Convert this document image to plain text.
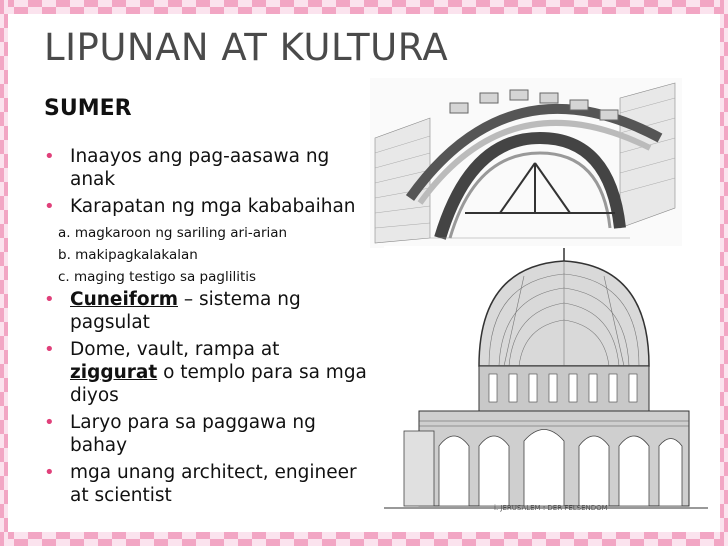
LIPUNAN AT KULTURA
SUMER
• Inaayos ang pag-aasawa ng anak
• Karapatan ng mga kababaihan
a. magkaroon ng sariling ari-arian
b. makipagkalakalan
c. maging testigo sa paglilitis
• Cuneiform – sistema ng pagsulat
• Dome, vault, rampa at
ziggurat o templo para sa mga diyos
• Laryo para sa paggawa ng bahay
• mga unang architect, engineer at scientist
i. JERUSALEM : DER FELSENDOM
